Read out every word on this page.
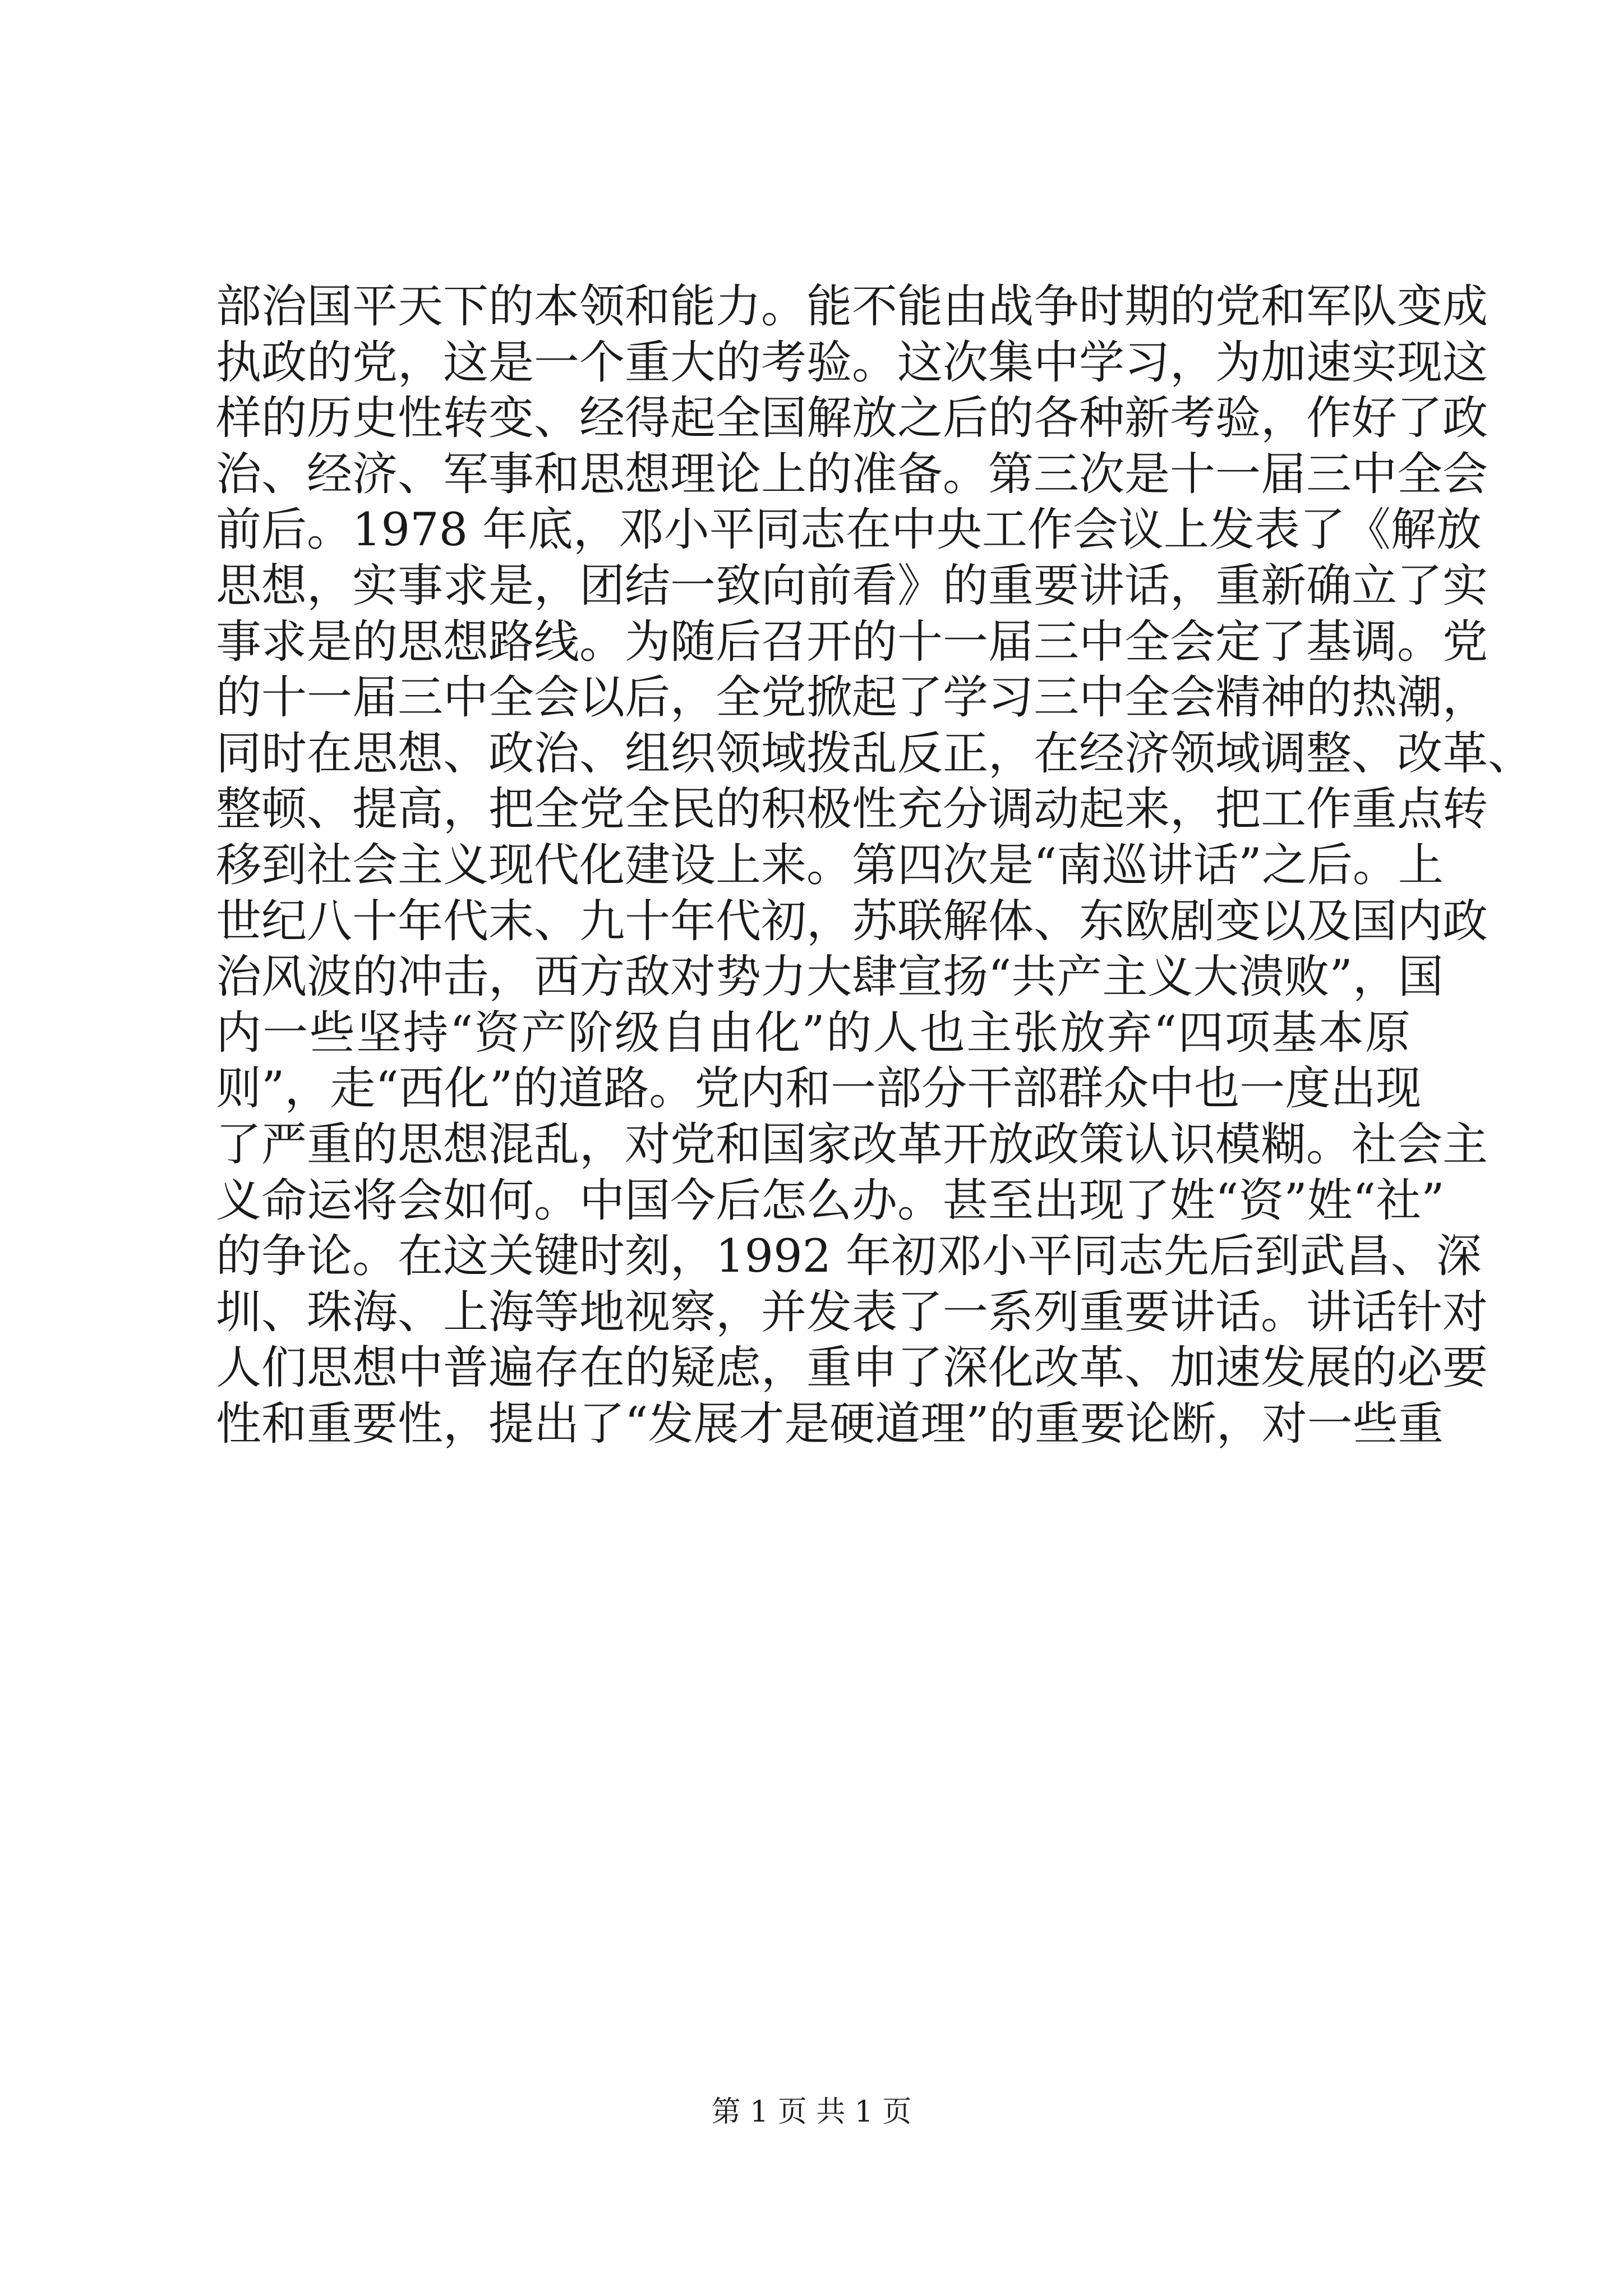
部治国平天下的本领和能力。能不能由战争时期的党和军队变成
执政的党，这是一个重大的考验。这次集中学习，为加速实现这
样的历史性转变、经得起全国解放之后的各种新考验，作好了政
治、经济、军事和思想理论上的准备。第三次是十一届三中全会
前后。1978 年底，邓小平同志在中央工作会议上发表了《解放
思想，实事求是，团结一致向前看》的重要讲话，重新确立了实
事求是的思想路线。为随后召开的十一届三中全会定了基调。党
的十一届三中全会以后，全党掀起了学习三中全会精神的热潮，
同时在思想、政治、组织领域拨乱反正，在经济领域调整、改革、
整顿、提高，把全党全民的积极性充分调动起来，把工作重点转
移到社会主义现代化建设上来。第四次是“南巡讲话”之后。上
世纪八十年代末、九十年代初，苏联解体、东欧剧变以及国内政
治风波的冲击，西方敌对势力大肆宣扬“共产主义大溃败”，国
内一些坚持“资产阶级自由化”的人也主张放弃“四项基本原
则”，走“西化”的道路。党内和一部分干部群众中也一度出现
了严重的思想混乱，对党和国家改革开放政策认识模糊。社会主
义命运将会如何。中国今后怎么办。甚至出现了姓“资”姓“社”
的争论。在这关键时刻，1992 年初邓小平同志先后到武昌、深
圳、珠海、上海等地视察，并发表了一系列重要讲话。讲话针对
人们思想中普遍存在的疑虑，重申了深化改革、加速发展的必要
性和重要性，提出了“发展才是硬道理”的重要论断，对一些重
第 1 页 共 1 页
